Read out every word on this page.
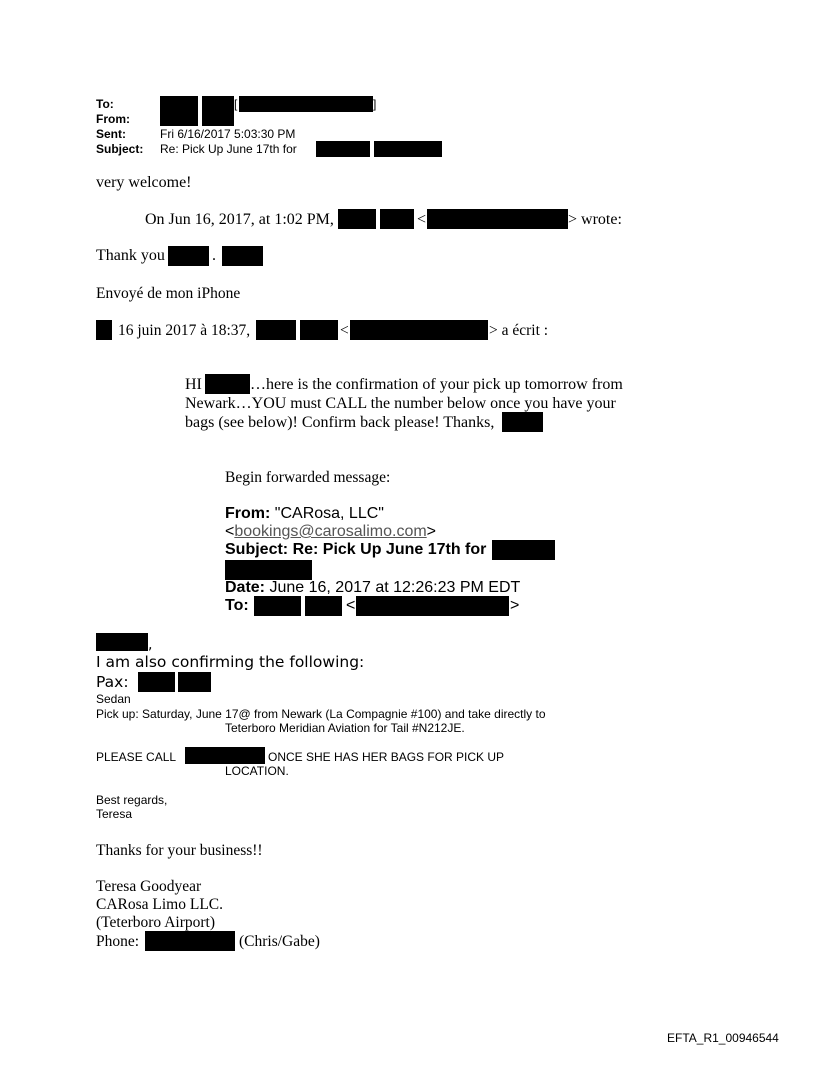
To:	[	]
From:
Sent:	Fri 6/16/2017 5:03:30 PM
Subject: Re: Pick Up June 17th for
very welcome!
On Jun 16, 2017, at 1:02 PM,	<	> wrote:
Thank you	.
Envoyé de mon iPhone
16 juin 2017 à 18:37,	<	> a écrit :
HI	…here is the confirmation of your pick up tomorrow from
Newark…YOU must CALL the number below once you have your
bags (see below)! Confirm back please! Thanks,
Begin forwarded message:
From: "CARosa, LLC"
<bookings@carosalimo.com>
Subject: Re: Pick Up June 17th for
Date: June 16, 2017 at 12:26:23 PM EDT
To:	<	>
,
I am also confirming the following:
Pax:
Sedan
Pick up: Saturday, June 17@ from Newark (La Compagnie #100) and take directly to
Teterboro Meridian Aviation for Tail #N212JE.
PLEASE CALL	ONCE SHE HAS HER BAGS FOR PICK UP
LOCATION.
Best regards,
Teresa
Thanks for your business!!
Teresa Goodyear
CARosa Limo LLC.
(Teterboro Airport)
Phone:	(Chris/Gabe)
EFTA_R1_00946544
